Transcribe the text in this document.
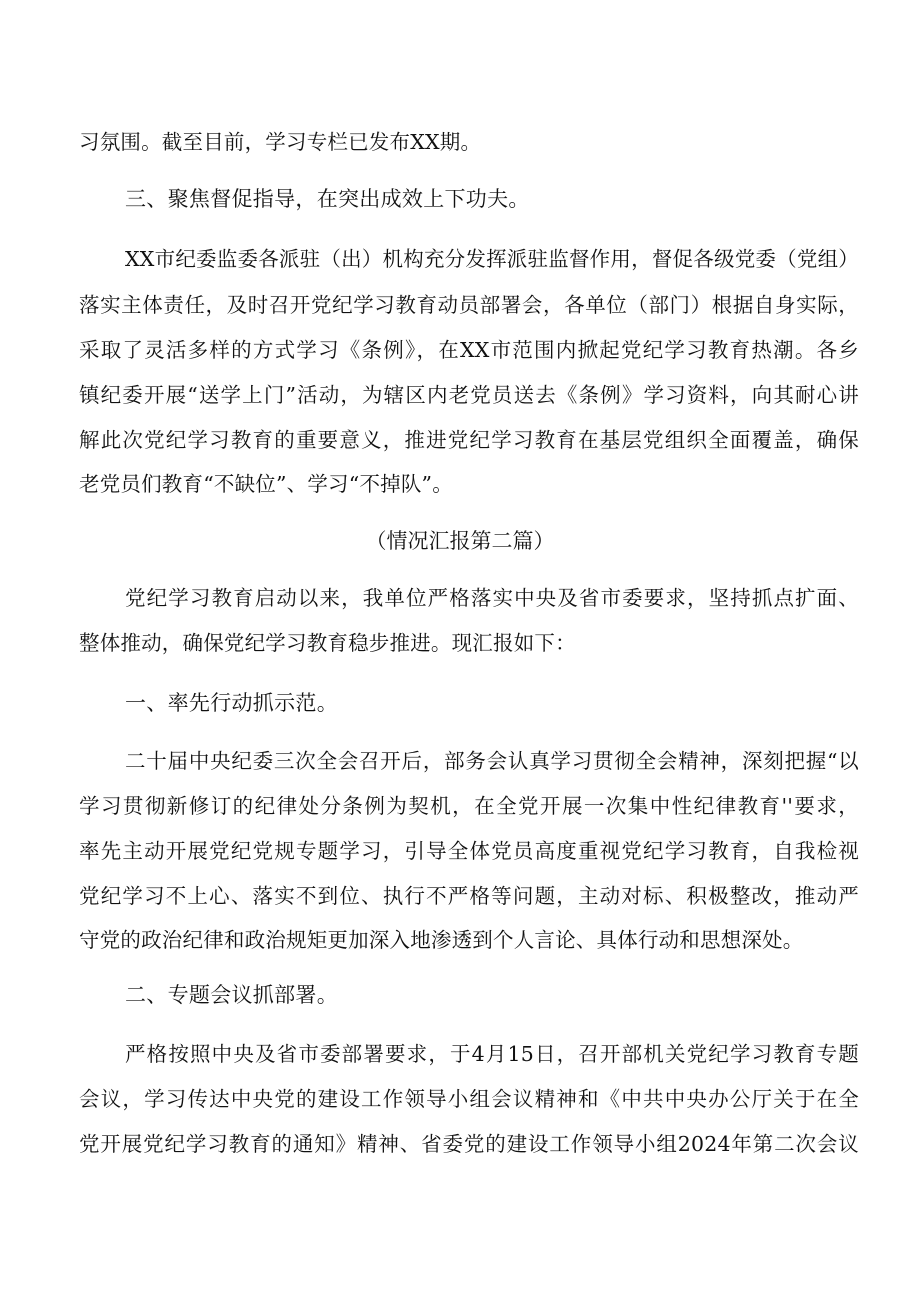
习氛围。截至目前，学习专栏已发布XX期。
三、聚焦督促指导，在突出成效上下功夫。
XX市纪委监委各派驻（出）机构充分发挥派驻监督作用，督促各级党委（党组）
落实主体责任，及时召开党纪学习教育动员部署会，各单位（部门）根据自身实际，
采取了灵活多样的方式学习《条例》，在XX市范围内掀起党纪学习教育热潮。各乡
镇纪委开展“送学上门”活动，为辖区内老党员送去《条例》学习资料，向其耐心讲
解此次党纪学习教育的重要意义，推进党纪学习教育在基层党组织全面覆盖，确保
老党员们教育“不缺位”、学习“不掉队”。
（情况汇报第二篇）
党纪学习教育启动以来，我单位严格落实中央及省市委要求，坚持抓点扩面、
整体推动，确保党纪学习教育稳步推进。现汇报如下：
一、率先行动抓示范。
二十届中央纪委三次全会召开后，部务会认真学习贯彻全会精神，深刻把握“以
学习贯彻新修订的纪律处分条例为契机，在全党开展一次集中性纪律教育''要求，
率先主动开展党纪党规专题学习，引导全体党员高度重视党纪学习教育，自我检视
党纪学习不上心、落实不到位、执行不严格等问题，主动对标、积极整改，推动严
守党的政治纪律和政治规矩更加深入地渗透到个人言论、具体行动和思想深处。
二、专题会议抓部署。
严格按照中央及省市委部署要求，于4月15日，召开部机关党纪学习教育专题
会议，学习传达中央党的建设工作领导小组会议精神和《中共中央办公厅关于在全
党开展党纪学习教育的通知》精神、省委党的建设工作领导小组2024年第二次会议
